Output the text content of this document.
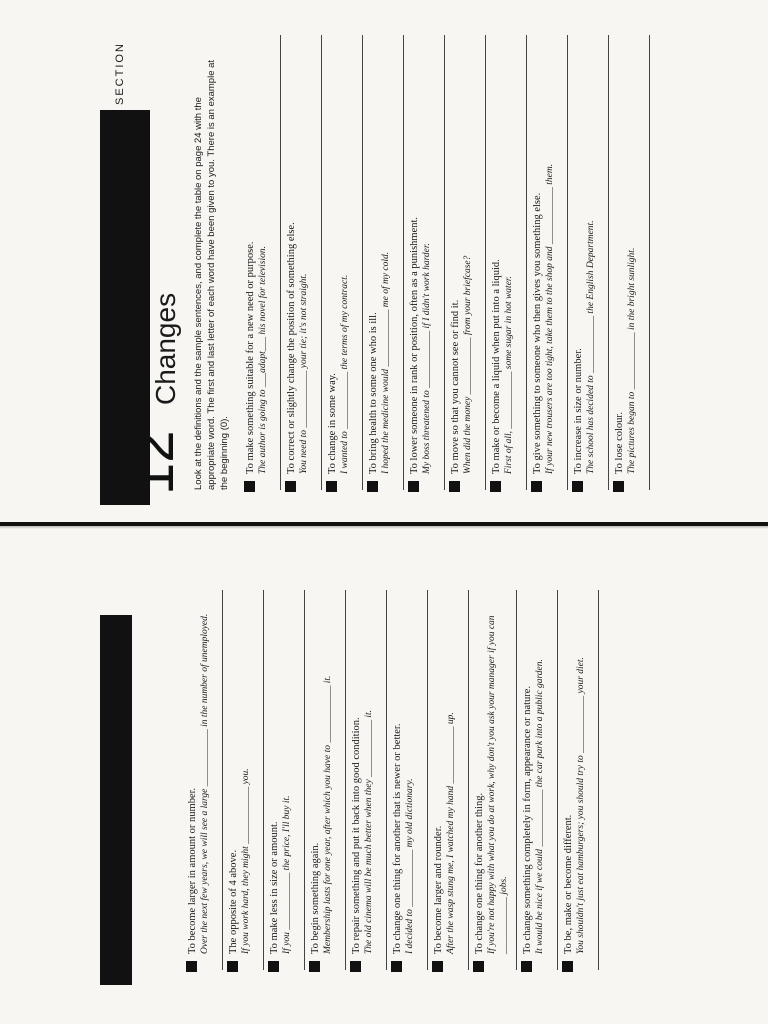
SECTION
12
Changes Look at the definitions and the sample sentences, and complete the table on page 24 with the appropriate word. The first and last letter of each word have been given to you. There is an example at the beginning (0). To make something suitable for a new need or purpose. The author is going to ___adapt___ his novel for television. To correct or slightly change the position of something else. You need to ____________ your tie; it's not straight. To change in some way. I wanted to ____________ the terms of my contract. To bring health to some one who is ill. I hoped the medicine would ____________ me of my cold. To lower someone in rank or position, often as a punishment. My boss threatened to ____________ if I didn't work harder. To move so that you cannot see or find it. When did the money ____________ from your briefcase? To make or become a liquid when put into a liquid. First of all, ____________ some sugar in hot water. To give something to someone who then gives you something else. If your new trousers are too tight, take them to the shop and ____________ them. To increase in size or number. The school has decided to ____________ the English Department. To lose colour. The pictures began to ____________ in the bright sunlight.
To become larger in amount or number. Over the next few years, we will see a large ____________ in the number of unemployed. The opposite of 4 above. If you work hard, they might ____________ you. To make less in size or amount. If you ____________ the price, I'll buy it. To begin something again. Membership lasts for one year, after which you have to ____________ it. To repair something and put it back into good condition. The old cinema will be much better when they ____________ it. To change one thing for another that is newer or better. I decided to ____________ my old dictionary. To become larger and rounder. After the wasp stung me, I watched my hand ____________ up. To change one thing for another thing. If you're not happy with what you do at work, why don't you ask your manager if you can ____________ jobs. To change something completely in form, appearance or nature. It would be nice if we could ____________ the car park into a public garden. To be, make or become different. You shouldn't just eat hamburgers; you should try to ____________ your diet.
